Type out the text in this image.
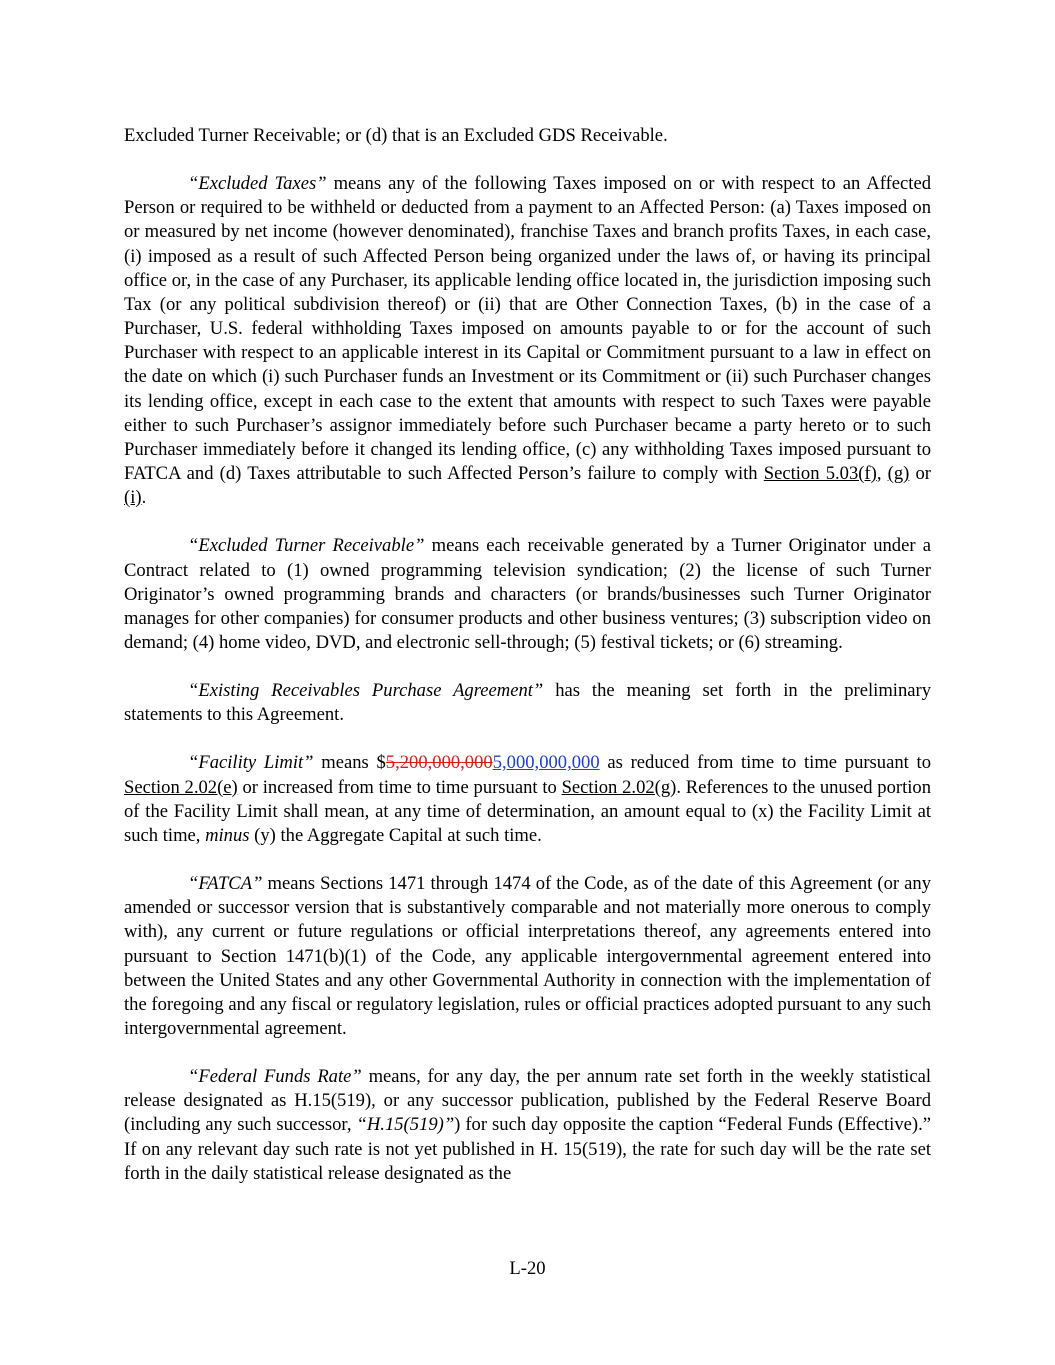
Excluded Turner Receivable; or (d) that is an Excluded GDS Receivable.

“Excluded Taxes” means any of the following Taxes imposed on or with respect to an Affected Person or required to be withheld or deducted from a payment to an Affected Person: (a) Taxes imposed on or measured by net income (however denominated), franchise Taxes and branch profits Taxes, in each case, (i) imposed as a result of such Affected Person being organized under the laws of, or having its principal office or, in the case of any Purchaser, its applicable lending office located in, the jurisdiction imposing such Tax (or any political subdivision thereof) or (ii) that are Other Connection Taxes, (b) in the case of a Purchaser, U.S. federal withholding Taxes imposed on amounts payable to or for the account of such Purchaser with respect to an applicable interest in its Capital or Commitment pursuant to a law in effect on the date on which (i) such Purchaser funds an Investment or its Commitment or (ii) such Purchaser changes its lending office, except in each case to the extent that amounts with respect to such Taxes were payable either to such Purchaser’s assignor immediately before such Purchaser became a party hereto or to such Purchaser immediately before it changed its lending office, (c) any withholding Taxes imposed pursuant to FATCA and (d) Taxes attributable to such Affected Person’s failure to comply with Section 5.03(f), (g) or (i).

“Excluded Turner Receivable” means each receivable generated by a Turner Originator under a Contract related to (1) owned programming television syndication; (2) the license of such Turner Originator’s owned programming brands and characters (or brands/businesses such Turner Originator manages for other companies) for consumer products and other business ventures; (3) subscription video on demand; (4) home video, DVD, and electronic sell-through; (5) festival tickets; or (6) streaming.

“Existing Receivables Purchase Agreement” has the meaning set forth in the preliminary statements to this Agreement.

“Facility Limit” means $5,200,000,0005,000,000,000 as reduced from time to time pursuant to Section 2.02(e) or increased from time to time pursuant to Section 2.02(g). References to the unused portion of the Facility Limit shall mean, at any time of determination, an amount equal to (x) the Facility Limit at such time, minus (y) the Aggregate Capital at such time.

“FATCA” means Sections 1471 through 1474 of the Code, as of the date of this Agreement (or any amended or successor version that is substantively comparable and not materially more onerous to comply with), any current or future regulations or official interpretations thereof, any agreements entered into pursuant to Section 1471(b)(1) of the Code, any applicable intergovernmental agreement entered into between the United States and any other Governmental Authority in connection with the implementation of the foregoing and any fiscal or regulatory legislation, rules or official practices adopted pursuant to any such intergovernmental agreement.

“Federal Funds Rate” means, for any day, the per annum rate set forth in the weekly statistical release designated as H.15(519), or any successor publication, published by the Federal Reserve Board (including any such successor, “H.15(519)”) for such day opposite the caption “Federal Funds (Effective).” If on any relevant day such rate is not yet published in H. 15(519), the rate for such day will be the rate set forth in the daily statistical release designated as the

L-20
